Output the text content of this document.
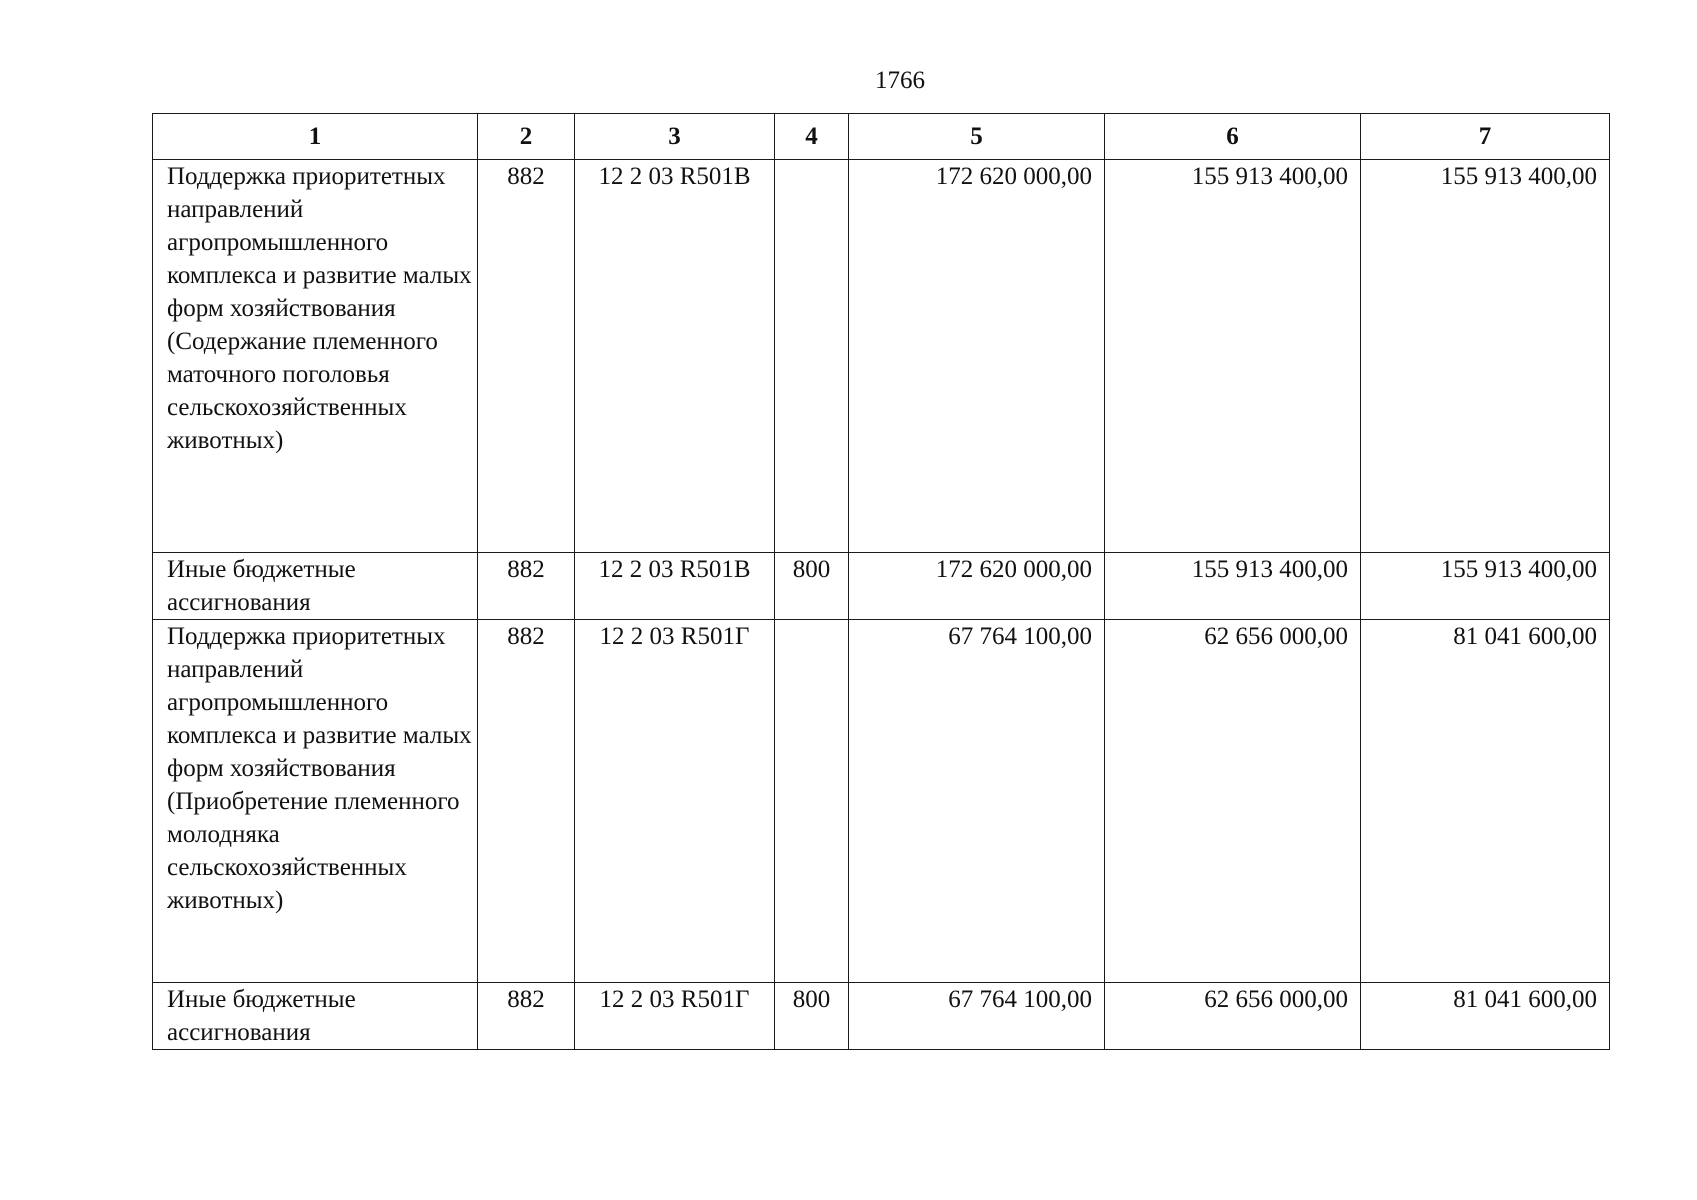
1766
1	2	3	4	5	6	7
Поддержка приоритетных направлений агропромышленного комплекса и развитие малых форм хозяйствования (Содержание племенного маточного поголовья сельскохозяйственных животных)	882	12 2 03 R501В		172 620 000,00	155 913 400,00	155 913 400,00
Иные бюджетные ассигнования	882	12 2 03 R501В	800	172 620 000,00	155 913 400,00	155 913 400,00
Поддержка приоритетных направлений агропромышленного комплекса и развитие малых форм хозяйствования (Приобретение племенного молодняка сельскохозяйственных животных)	882	12 2 03 R501Г		67 764 100,00	62 656 000,00	81 041 600,00
Иные бюджетные ассигнования	882	12 2 03 R501Г	800	67 764 100,00	62 656 000,00	81 041 600,00
